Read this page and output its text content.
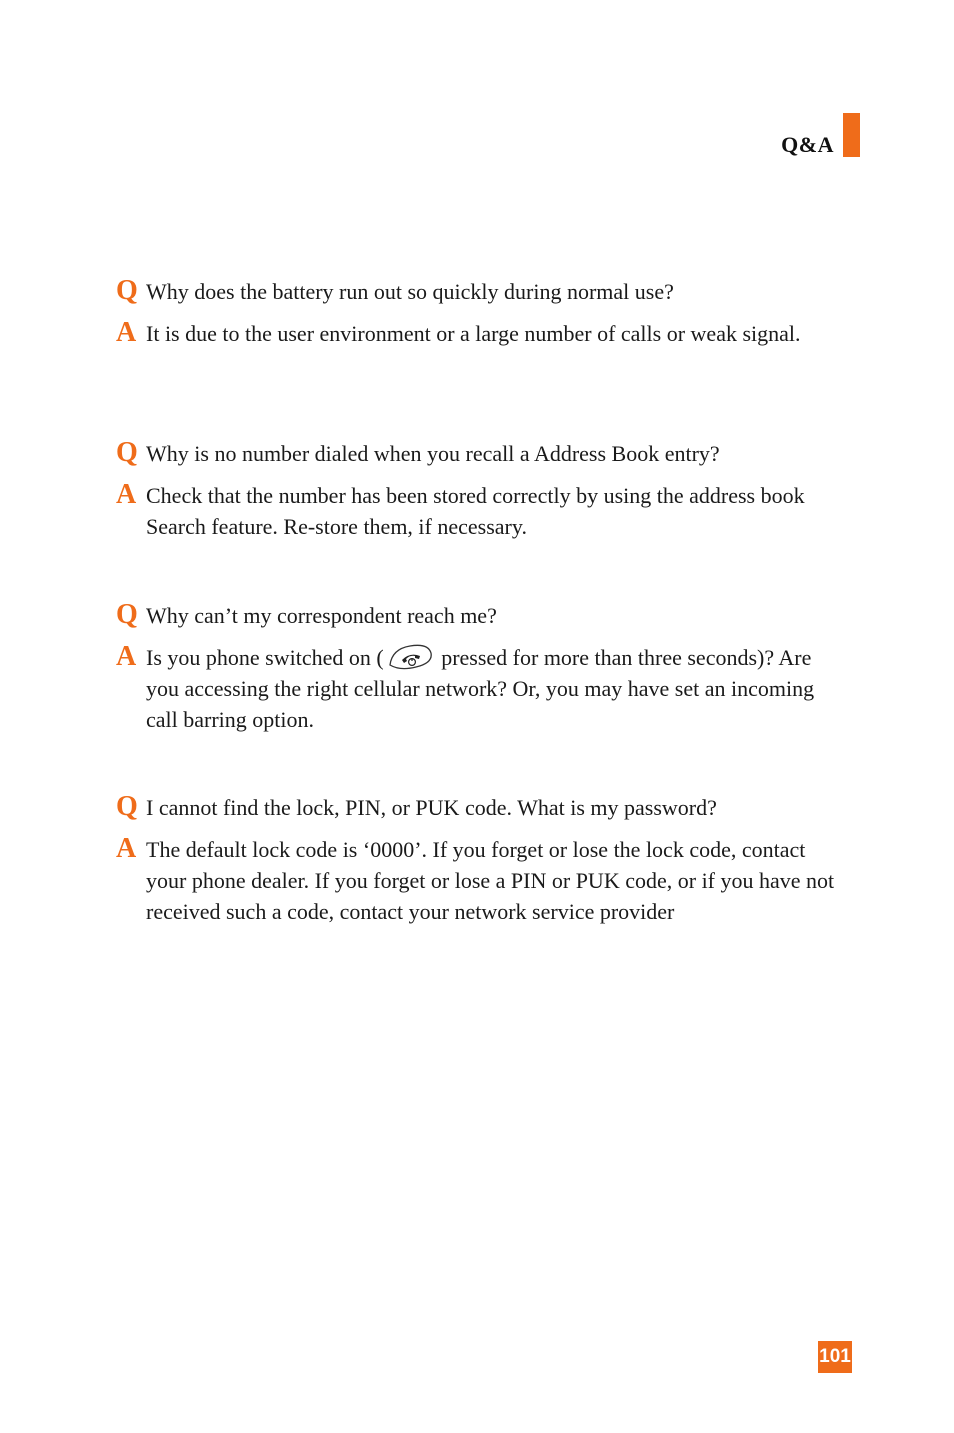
Q&A
Q Why does the battery run out so quickly during normal use?
A It is due to the user environment or a large number of calls or weak signal.
Q Why is no number dialed when you recall a Address Book entry?
A Check that the number has been stored correctly by using the address book Search feature. Re-store them, if necessary.
Q Why can’t my correspondent reach me?
A Is you phone switched on ( pressed for more than three seconds)? Are you accessing the right cellular network? Or, you may have set an incoming call barring option.
Q I cannot find the lock, PIN, or PUK code. What is my password?
A The default lock code is ‘0000’. If you forget or lose the lock code, contact your phone dealer. If you forget or lose a PIN or PUK code, or if you have not received such a code, contact your network service provider
101
